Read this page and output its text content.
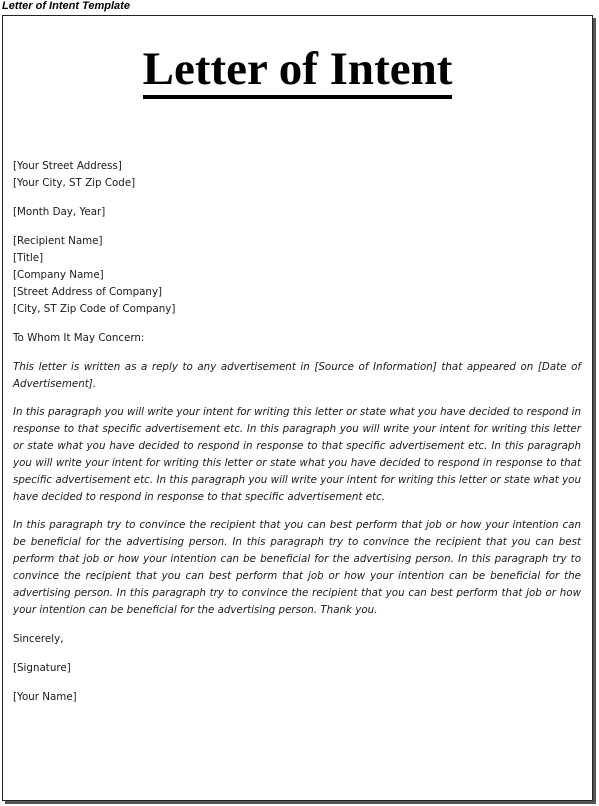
Letter of Intent Template
Letter of Intent
[Your Street Address]
[Your City, ST Zip Code]
[Month Day, Year]
[Recipient Name]
[Title]
[Company Name]
[Street Address of Company]
[City, ST Zip Code of Company]
To Whom It May Concern:

This letter is written as a reply to any advertisement in [Source of Information] that appeared on [Date of Advertisement].

In this paragraph you will write your intent for writing this letter or state what you have decided to respond in response to that specific advertisement etc. In this paragraph you will write your intent for writing this letter or state what you have decided to respond in response to that specific advertisement etc. In this paragraph you will write your intent for writing this letter or state what you have decided to respond in response to that specific advertisement etc. In this paragraph you will write your intent for writing this letter or state what you have decided to respond in response to that specific advertisement etc.

In this paragraph try to convince the recipient that you can best perform that job or how your intention can be beneficial for the advertising person. In this paragraph try to convince the recipient that you can best perform that job or how your intention can be beneficial for the advertising person. In this paragraph try to convince the recipient that you can best perform that job or how your intention can be beneficial for the advertising person. In this paragraph try to convince the recipient that you can best perform that job or how your intention can be beneficial for the advertising person. Thank you.

Sincerely,
[Signature]
[Your Name]
